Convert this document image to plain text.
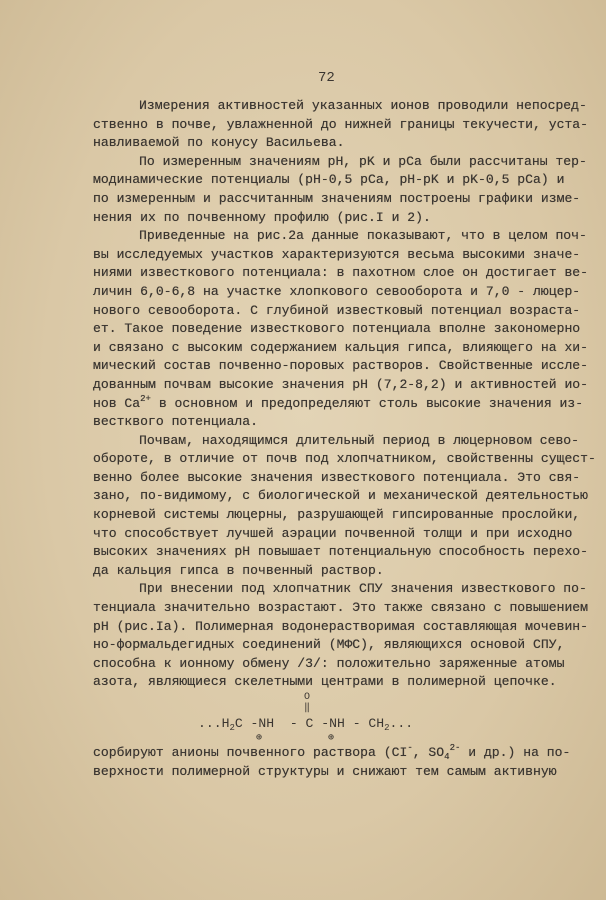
72
Измерения активностей указанных ионов проводили непосред-
ственно в почве, увлажненной до нижней границы текучести, уста-
навливаемой по конусу Васильева.
По измеренным значениям pH, pK и pCa были рассчитаны тер-
модинамические потенциалы (pH-0,5 pCa, pH-pK и pK-0,5 pCa) и
по измеренным и рассчитанным значениям построены графики изме-
нения их по почвенному профилю (рис.I и 2).
Приведенные на рис.2а данные показывают, что в целом поч-
вы исследуемых участков характеризуются весьма высокими значе-
ниями известкового потенциала: в пахотном слое он достигает ве-
личин 6,0-6,8 на участке хлопкового севооборота и 7,0 - люцер-
нового севооборота. С глубиной известковый потенциал возраста-
ет. Такое поведение известкового потенциала вполне закономерно
и связано с высоким содержанием кальция гипса, влияющего на хи-
мический состав почвенно-поровых растворов. Свойственные иссле-
дованным почвам высокие значения pH (7,2-8,2) и активностей ио-
нов $Ca^{2+}$ в основном и предопределяют столь высокие значения из-
вестквого потенциала.
Почвам, находящимся длительный период в люцерновом сево-
обороте, в отличие от почв под хлопчатником, свойственны сущест-
венно более высокие значения известкового потенциала. Это свя-
зано, по-видимому, с биологической и механической деятельностью
корневой системы люцерны, разрушающей гипсированные прослойки,
что способствует лучшей аэрации почвенной толщи и при исходно
высоких значениях pH повышает потенциальную способность перехо-
да кальция гипса в почвенный раствор.
При внесении под хлопчатник СПУ значения известкового по-
тенциала значительно возрастают. Это также связано с повышением
pH (рис.Iа). Полимерная водонерастворимая составляющая мочевин-
но-формальдегидных соединений (МФС), являющихся основой СПУ,
способна к ионному обмену /3/: положительно заряженные атомы
азота, являющиеся скелетными центрами в полимерной цепочке.
O
‖
$...H_2C$ -NH  - C $-NH - CH_2$...
⊕	⊕
сорбируют анионы почвенного раствора (CI-, $SO_4^{2-}$ и др.) на по-
верхности полимерной структуры и снижают тем самым активную
